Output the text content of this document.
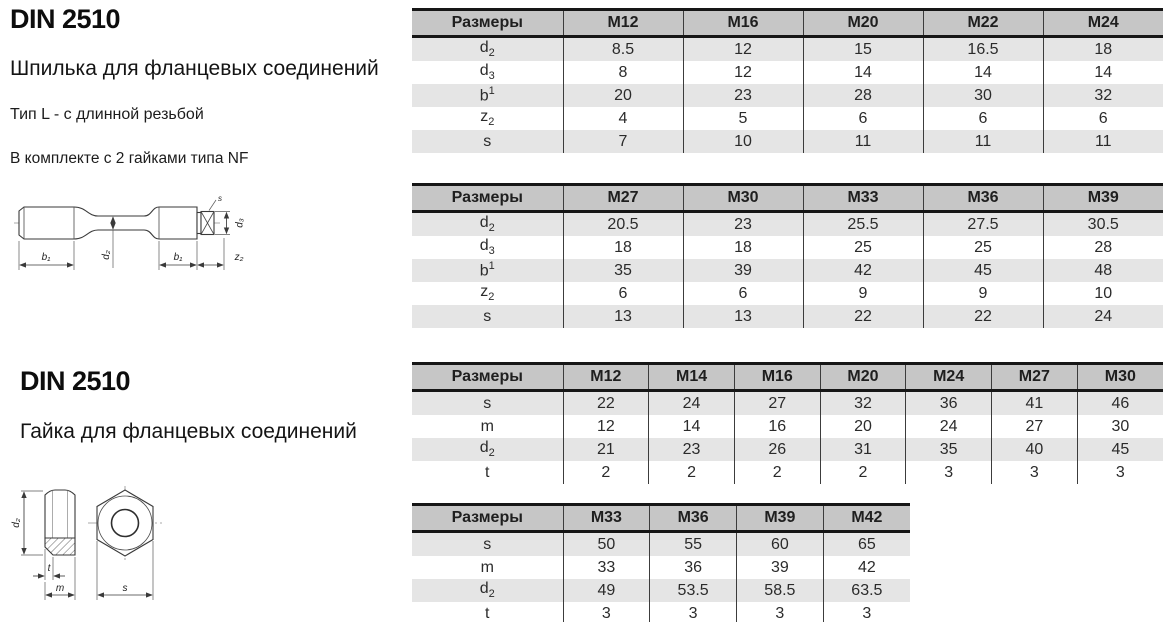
DIN 2510
Шпилька для фланцевых соединений
Тип L - с длинной резьбой
В комплекте с 2 гайками типа NF
s
d₃
b₁	d₂	b₁	z₂
DIN 2510
Гайка для фланцевых соединений
d₂
t
m	s
Размеры	M12	M16	M20	M22	M24
$d_2$	8.5	12	15	16.5	18
$d_3$	8	12	14	14	14
$b^1$	20	23	28	30	32
$z_2$	4	5	6	6	6
s	7	10	11	11	11
Размеры	M27	M30	M33	M36	M39
$d_2$	20.5	23	25.5	27.5	30.5
$d_3$	18	18	25	25	28
$b^1$	35	39	42	45	48
$z_2$	6	6	9	9	10
s	13	13	22	22	24
Размеры	M12	M14	M16	M20	M24	M27	M30
s	22	24	27	32	36	41	46
m	12	14	16	20	24	27	30
$d_2$	21	23	26	31	35	40	45
t	2	2	2	2	3	3	3
Размеры	M33	M36	M39	M42
s	50	55	60	65
m	33	36	39	42
$d_2$	49	53.5	58.5	63.5
t	3	3	3	3
